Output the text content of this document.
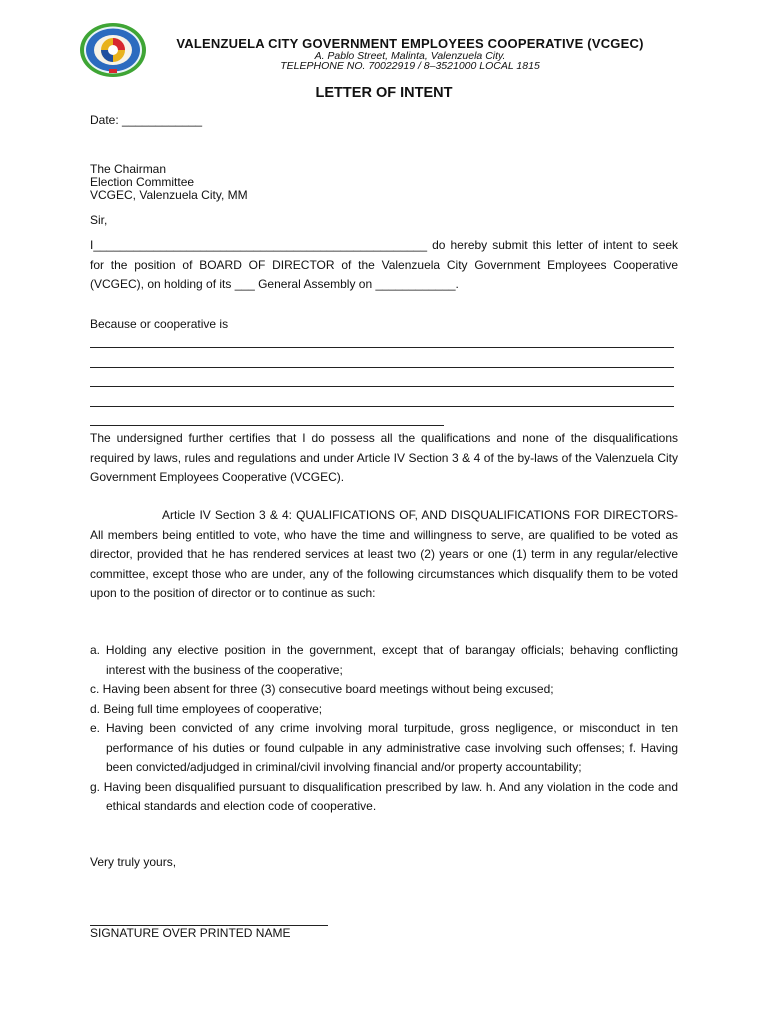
VALENZUELA CITY GOVERNMENT EMPLOYEES COOPERATIVE (VCGEC)
A. Pablo Street, Malinta, Valenzuela City.
TELEPHONE NO. 70022919 / 8–3521000 LOCAL 1815
LETTER OF INTENT
Date: ____________
The Chairman
Election Committee
VCGEC, Valenzuela City, MM
Sir,
I__________________________________________________ do hereby submit this letter of intent to seek for the position of BOARD OF DIRECTOR of the Valenzuela City Government Employees Cooperative (VCGEC), on holding of its ___ General Assembly on ____________.
Because or cooperative is
The undersigned further certifies that I do possess all the qualifications and none of the disqualifications required by laws, rules and regulations and under Article IV Section 3 & 4 of the by-laws of the Valenzuela City Government Employees Cooperative (VCGEC).
Article IV Section 3 & 4: QUALIFICATIONS OF, AND DISQUALIFICATIONS FOR DIRECTORS-All members being entitled to vote, who have the time and willingness to serve, are qualified to be voted as director, provided that he has rendered services at least two (2) years or one (1) term in any regular/elective committee, except those who are under, any of the following circumstances which disqualify them to be voted upon to the position of director or to continue as such:
a. Holding any elective position in the government, except that of barangay officials; behaving conflicting interest with the business of the cooperative;
c. Having been absent for three (3) consecutive board meetings without being excused;
d. Being full time employees of cooperative;
e. Having been convicted of any crime involving moral turpitude, gross negligence, or misconduct in ten performance of his duties or found culpable in any administrative case involving such offenses; f. Having been convicted/adjudged in criminal/civil involving financial and/or property accountability;
g. Having been disqualified pursuant to disqualification prescribed by law. h. And any violation in the code and ethical standards and election code of cooperative.
Very truly yours,
SIGNATURE OVER PRINTED NAME
